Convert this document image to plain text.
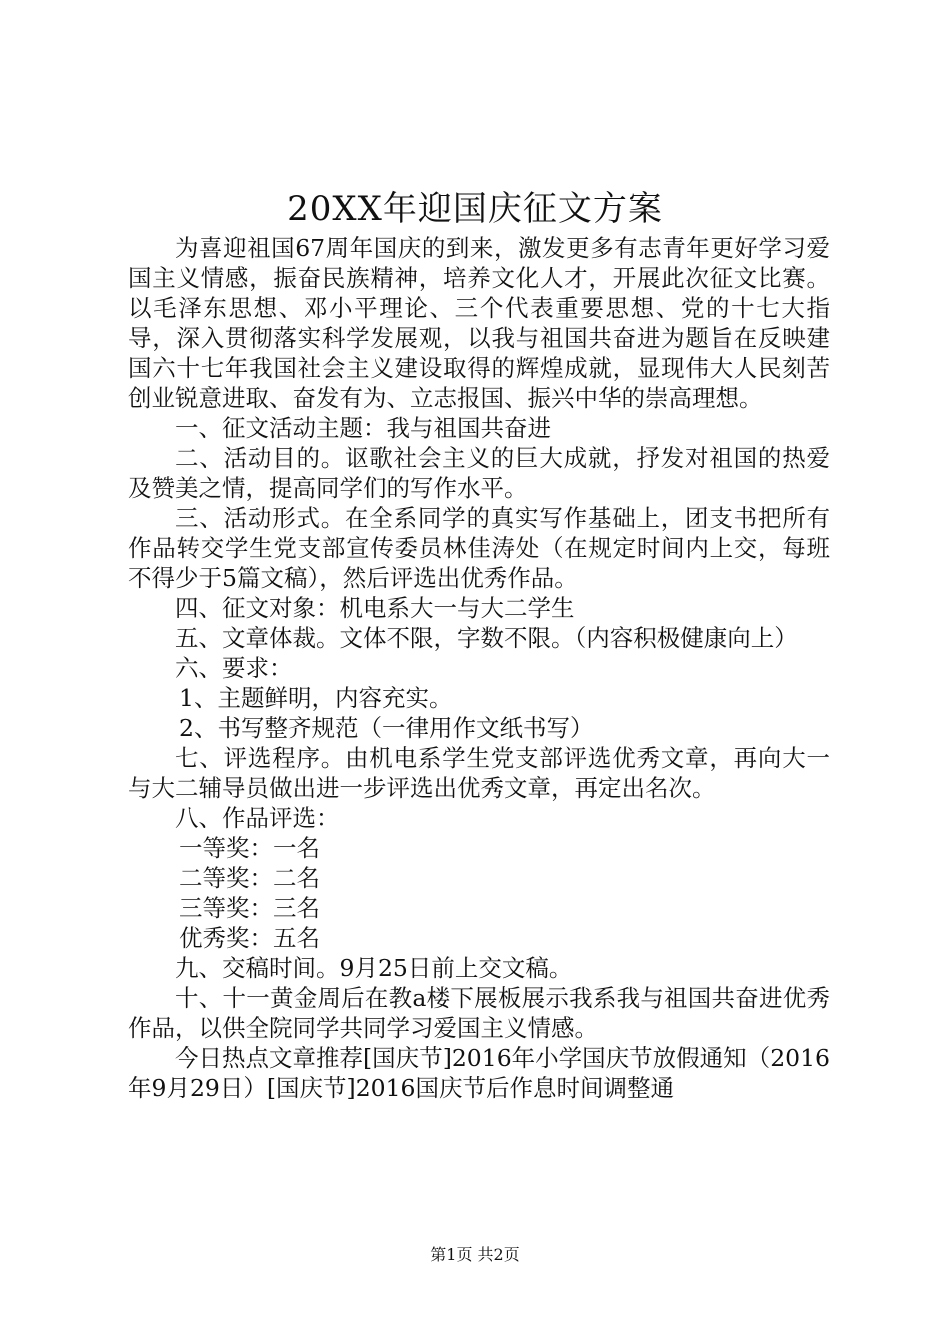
20XX年迎国庆征文方案

为喜迎祖国67周年国庆的到来，激发更多有志青年更好学习爱国主义情感，振奋民族精神，培养文化人才，开展此次征文比赛。以毛泽东思想、邓小平理论、三个代表重要思想、党的十七大指导，深入贯彻落实科学发展观，以我与祖国共奋进为题旨在反映建国六十七年我国社会主义建设取得的辉煌成就，显现伟大人民刻苦创业锐意进取、奋发有为、立志报国、振兴中华的崇高理想。

一、征文活动主题：我与祖国共奋进

二、活动目的。讴歌社会主义的巨大成就，抒发对祖国的热爱及赞美之情，提高同学们的写作水平。

三、活动形式。在全系同学的真实写作基础上，团支书把所有作品转交学生党支部宣传委员林佳涛处（在规定时间内上交，每班不得少于5篇文稿），然后评选出优秀作品。

四、征文对象：机电系大一与大二学生

五、文章体裁。文体不限，字数不限。（内容积极健康向上）

六、要求：

1、主题鲜明，内容充实。

2、书写整齐规范（一律用作文纸书写）

七、评选程序。由机电系学生党支部评选优秀文章，再向大一与大二辅导员做出进一步评选出优秀文章，再定出名次。

八、作品评选：

一等奖：一名

二等奖：二名

三等奖：三名

优秀奖：五名

九、交稿时间。9月25日前上交文稿。

十、十一黄金周后在教a楼下展板展示我系我与祖国共奋进优秀作品，以供全院同学共同学习爱国主义情感。

今日热点文章推荐[国庆节]2016年小学国庆节放假通知（2016年9月29日）[国庆节]2016国庆节后作息时间调整通

第1页 共2页
